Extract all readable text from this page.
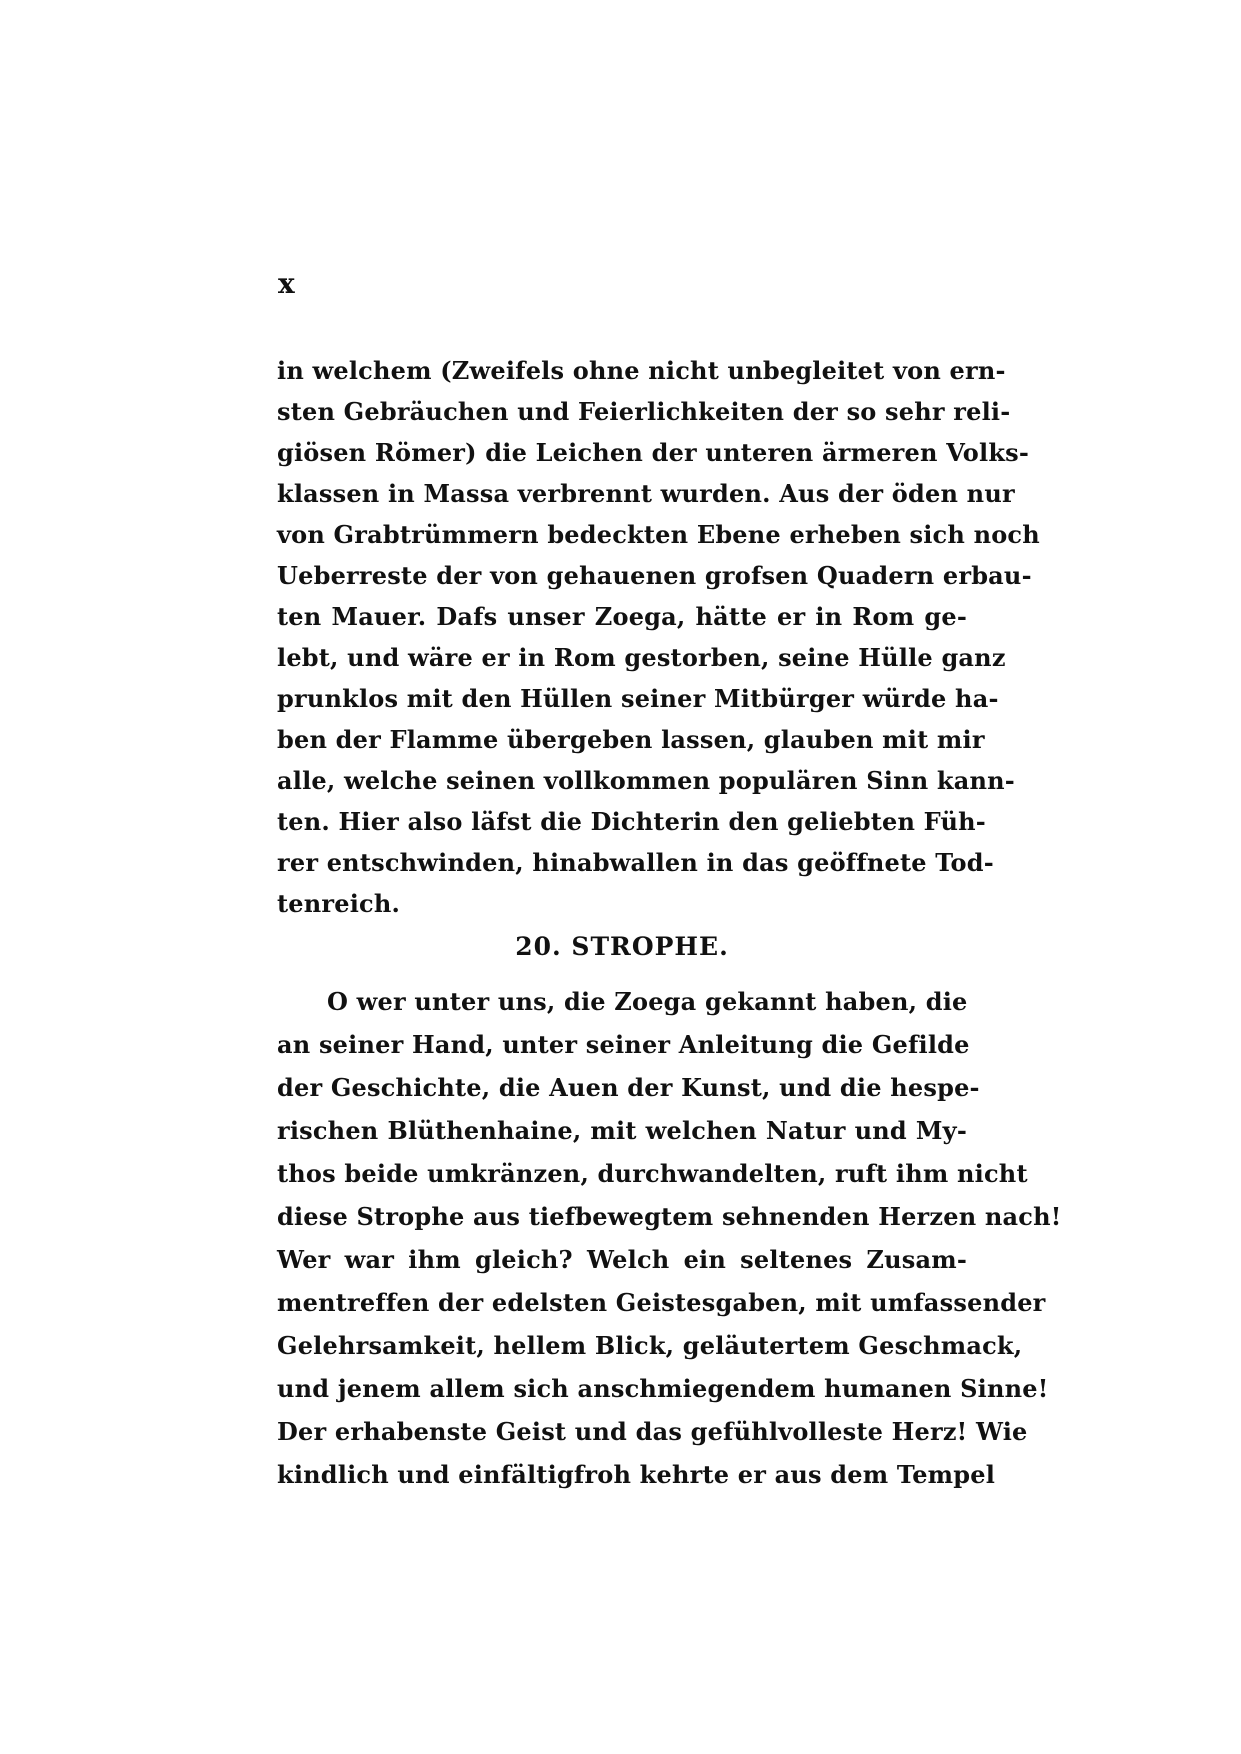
x
in welchem (Zweifels ohne nicht unbegleitet von ern-
sten Gebräuchen und Feierlichkeiten der so sehr reli-
giösen Römer) die Leichen der unteren ärmeren Volks-
klassen in Massa verbrennt wurden. Aus der öden nur
von Grabtrümmern bedeckten Ebene erheben sich noch
Ueberreste der von gehauenen grofsen Quadern erbau-
ten Mauer. Dafs unser Zoega, hätte er in Rom ge-
lebt, und wäre er in Rom gestorben, seine Hülle ganz
prunklos mit den Hüllen seiner Mitbürger würde ha-
ben der Flamme übergeben lassen, glauben mit mir
alle, welche seinen vollkommen populären Sinn kann-
ten. Hier also läfst die Dichterin den geliebten Füh-
rer entschwinden, hinabwallen in das geöffnete Tod-
tenreich.
20. STROPHE.
O wer unter uns, die Zoega gekannt haben, die
an seiner Hand, unter seiner Anleitung die Gefilde
der Geschichte, die Auen der Kunst, und die hespe-
rischen Blüthenhaine, mit welchen Natur und My-
thos beide umkränzen, durchwandelten, ruft ihm nicht
diese Strophe aus tiefbewegtem sehnenden Herzen nach!
Wer war ihm gleich? Welch ein seltenes Zusam-
mentreffen der edelsten Geistesgaben, mit umfassender
Gelehrsamkeit, hellem Blick, geläutertem Geschmack,
und jenem allem sich anschmiegendem humanen Sinne!
Der erhabenste Geist und das gefühlvolleste Herz! Wie
kindlich und einfältigfroh kehrte er aus dem Tempel
